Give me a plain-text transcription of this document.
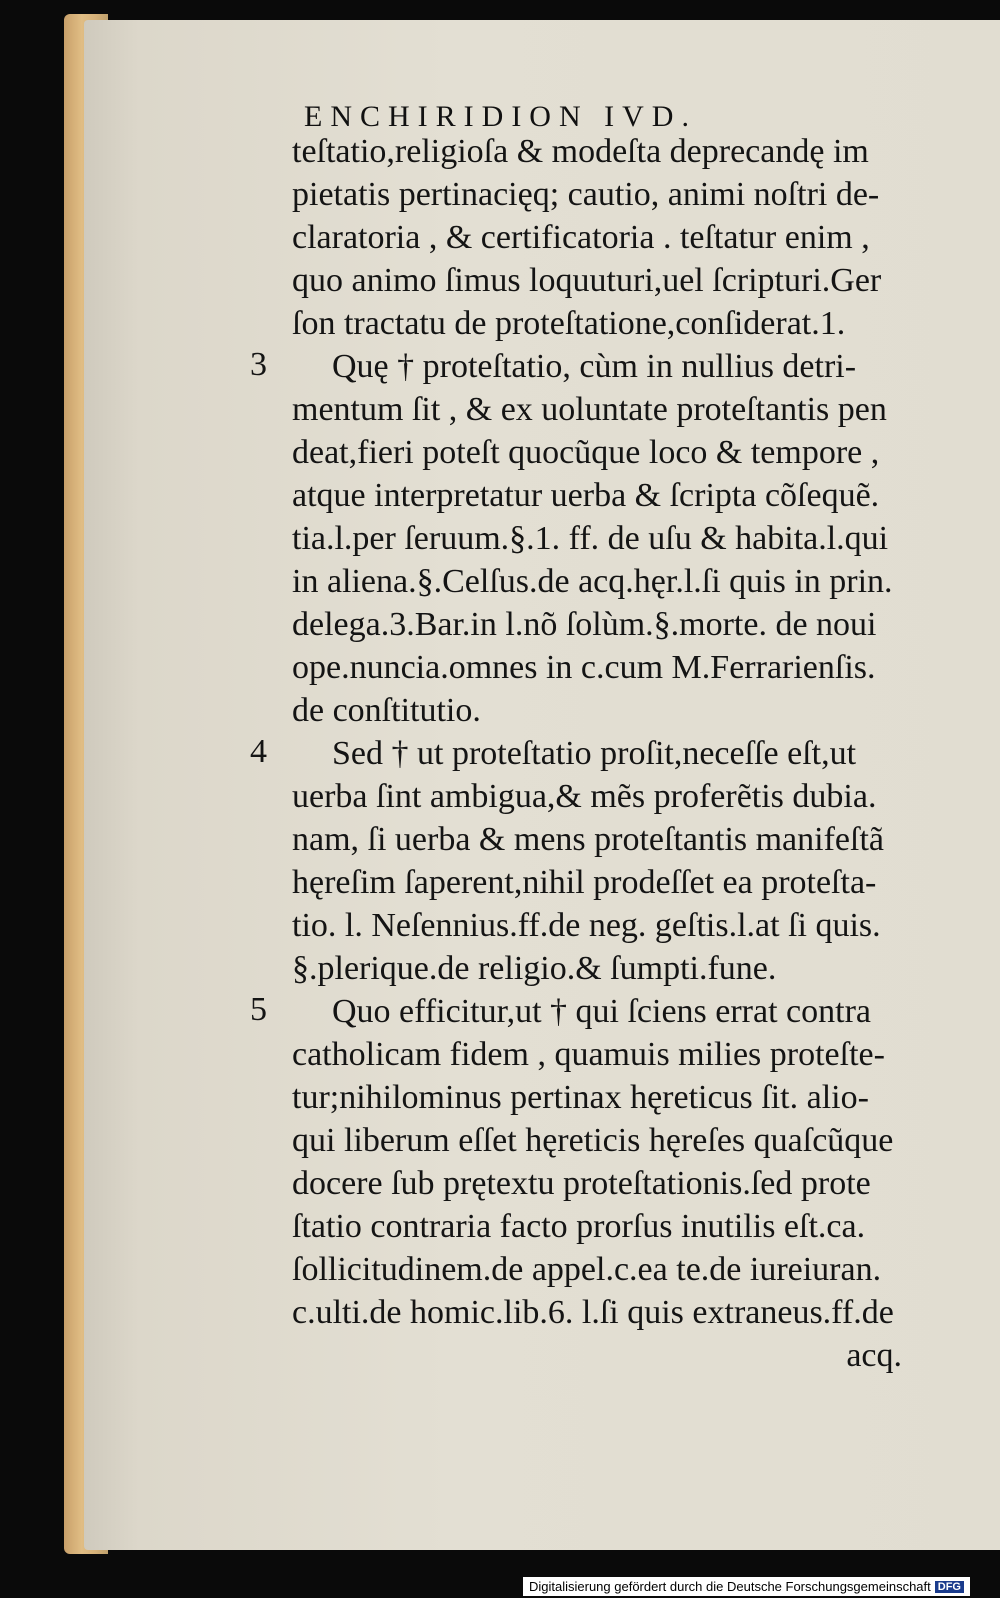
ENCHIRIDION IVD.
3
4
5
teſtatio,religioſa & modeſta deprecandę im
pietatis pertinacięq; cautio, animi noſtri de-
claratoria , & certificatoria . teſtatur enim ,
quo animo ſimus loquuturi,uel ſcripturi.Ger
ſon tractatu de proteſtatione,conſiderat.1.
Quę † proteſtatio, cùm in nullius detri-
mentum ſit , & ex uoluntate proteſtantis pen
deat,fieri poteſt quocũque loco & tempore ,
atque interpretatur uerba & ſcripta cõſequẽ.
tia.l.per ſeruum.§.1. ff. de uſu & habita.l.qui
in aliena.§.Celſus.de acq.hęr.l.ſi quis in prin.
delega.3.Bar.in l.nõ ſolùm.§.morte. de noui
ope.nuncia.omnes in c.cum M.Ferrarienſis.
de conſtitutio.
Sed † ut proteſtatio proſit,neceſſe eſt,ut
uerba ſint ambigua,& mẽs proferẽtis dubia.
nam, ſi uerba & mens proteſtantis manifeſtã
hęreſim ſaperent,nihil prodeſſet ea proteſta-
tio. l. Neſennius.ff.de neg. geſtis.l.at ſi quis.
§.plerique.de religio.& ſumpti.fune.
Quo efficitur,ut † qui ſciens errat contra
catholicam fidem , quamuis milies proteſte-
tur;nihilominus pertinax hęreticus ſit. alio-
qui liberum eſſet hęreticis hęreſes quaſcũque
docere ſub prętextu proteſtationis.ſed prote
ſtatio contraria facto prorſus inutilis eſt.ca.
ſollicitudinem.de appel.c.ea te.de iureiuran.
c.ulti.de homic.lib.6. l.ſi quis extraneus.ff.de
acq.
Digitalisierung gefördert durch die Deutsche Forschungsgemeinschaft DFG
